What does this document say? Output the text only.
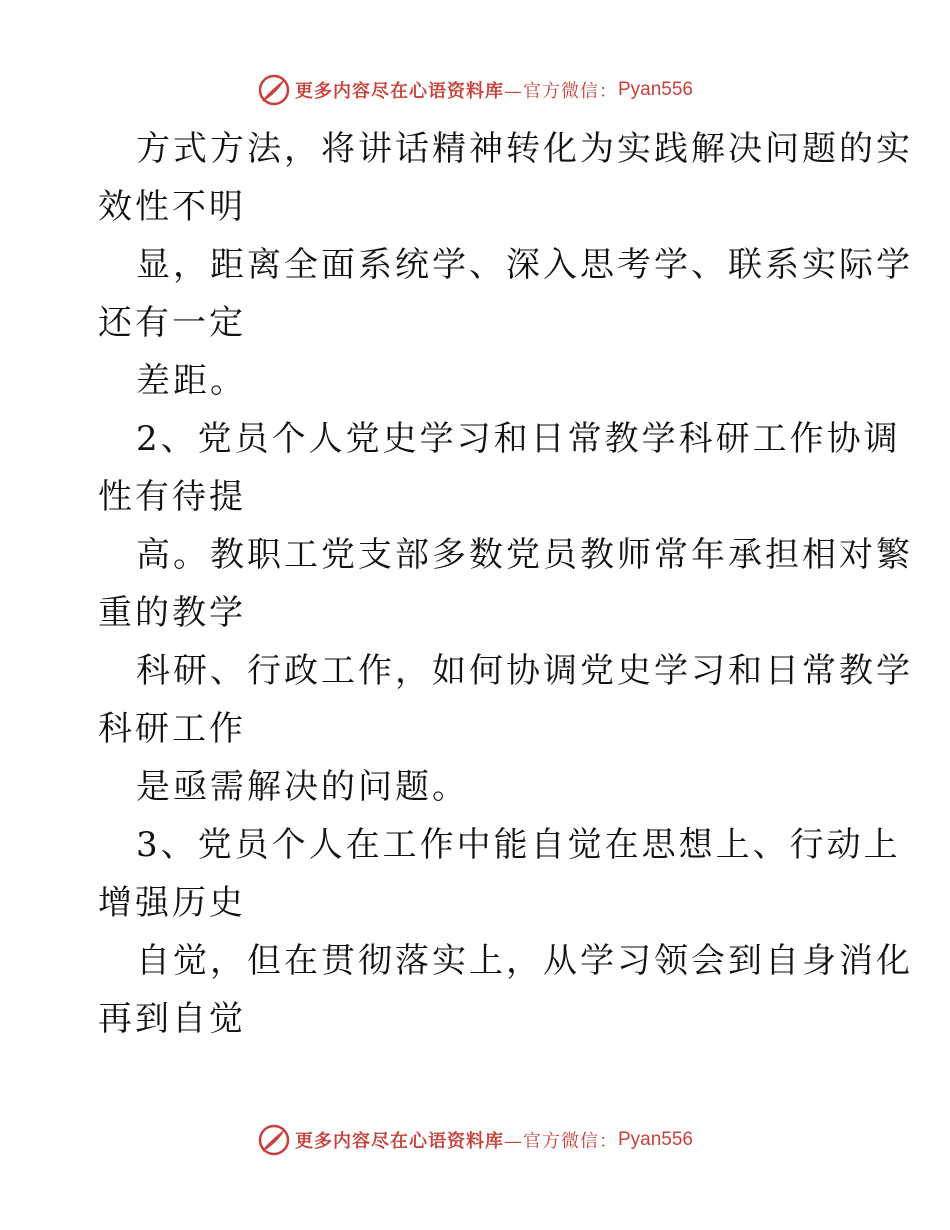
更多内容尽在心语资料库 —官方微信： Pyan556
方式方法，将讲话精神转化为实践解决问题的实
效性不明
显，距离全面系统学、深入思考学、联系实际学
还有一定
差距。
2、党员个人党史学习和日常教学科研工作协调
性有待提
高。教职工党支部多数党员教师常年承担相对繁
重的教学
科研、行政工作，如何协调党史学习和日常教学
科研工作
是亟需解决的问题。
3、党员个人在工作中能自觉在思想上、行动上
增强历史
自觉，但在贯彻落实上，从学习领会到自身消化
再到自觉
更多内容尽在心语资料库 —官方微信： Pyan556
